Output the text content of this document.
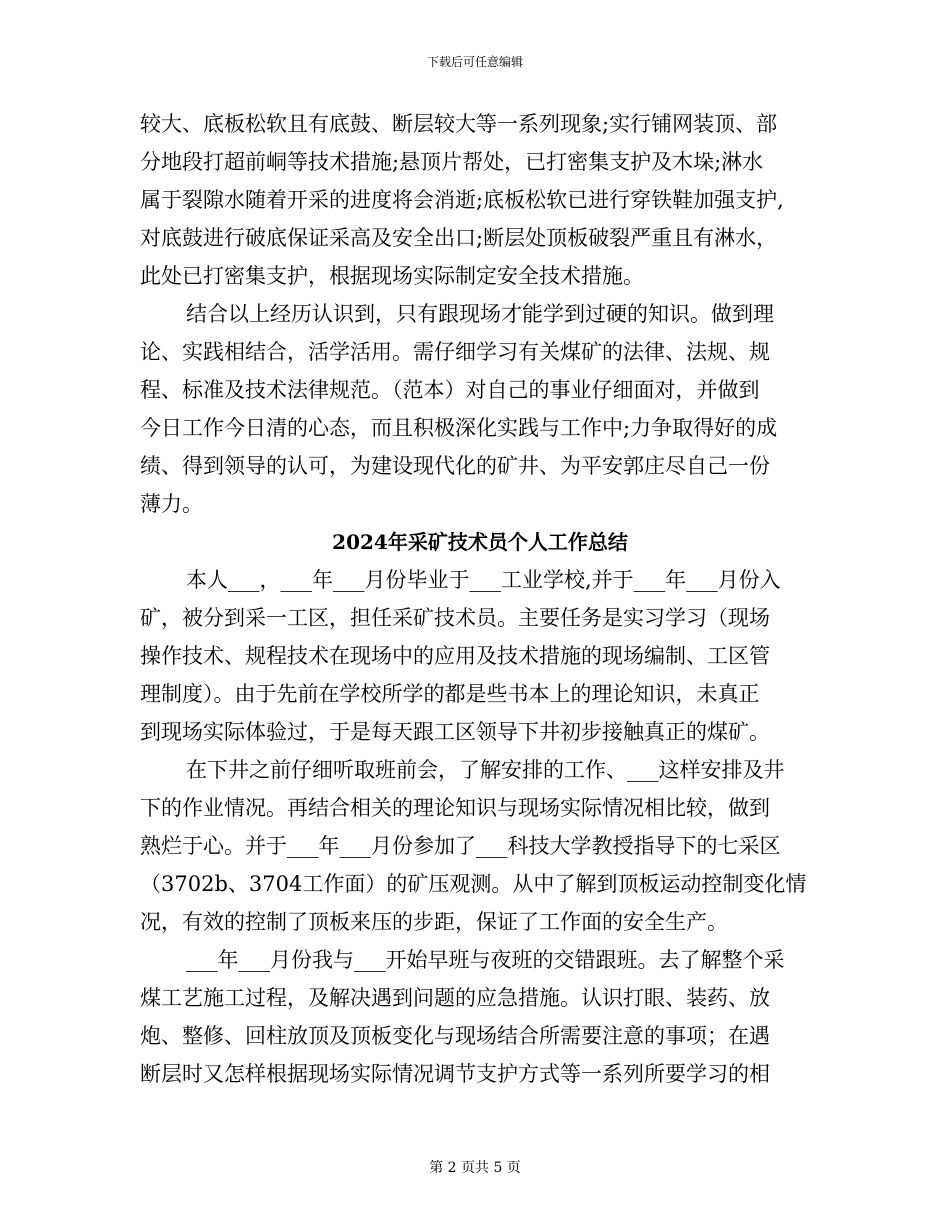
下载后可任意编辑
较大、底板松软且有底鼓、断层较大等一系列现象;实行铺网装顶、部
分地段打超前峒等技术措施;悬顶片帮处，已打密集支护及木垛;淋水
属于裂隙水随着开采的进度将会消逝;底板松软已进行穿铁鞋加强支护,
对底鼓进行破底保证采高及安全出口;断层处顶板破裂严重且有淋水，
此处已打密集支护，根据现场实际制定安全技术措施。
结合以上经历认识到，只有跟现场才能学到过硬的知识。做到理
论、实践相结合，活学活用。需仔细学习有关煤矿的法律、法规、规
程、标准及技术法律规范。（范本）对自己的事业仔细面对，并做到
今日工作今日清的心态，而且积极深化实践与工作中;力争取得好的成
绩、得到领导的认可，为建设现代化的矿井、为平安郭庄尽自己一份
薄力。
2024年采矿技术员个人工作总结
本人___，___年___月份毕业于___工业学校,并于___年___月份入
矿，被分到采一工区，担任采矿技术员。主要任务是实习学习（现场
操作技术、规程技术在现场中的应用及技术措施的现场编制、工区管
理制度）。由于先前在学校所学的都是些书本上的理论知识，未真正
到现场实际体验过，于是每天跟工区领导下井初步接触真正的煤矿。
在下井之前仔细听取班前会，了解安排的工作、___这样安排及井
下的作业情况。再结合相关的理论知识与现场实际情况相比较，做到
熟烂于心。并于___年___月份参加了___科技大学教授指导下的七采区
（3702b、3704工作面）的矿压观测。从中了解到顶板运动控制变化情
况，有效的控制了顶板来压的步距，保证了工作面的安全生产。
___年___月份我与___开始早班与夜班的交错跟班。去了解整个采
煤工艺施工过程，及解决遇到问题的应急措施。认识打眼、装药、放
炮、整修、回柱放顶及顶板变化与现场结合所需要注意的事项；在遇
断层时又怎样根据现场实际情况调节支护方式等一系列所要学习的相
第 2 页共 5 页
